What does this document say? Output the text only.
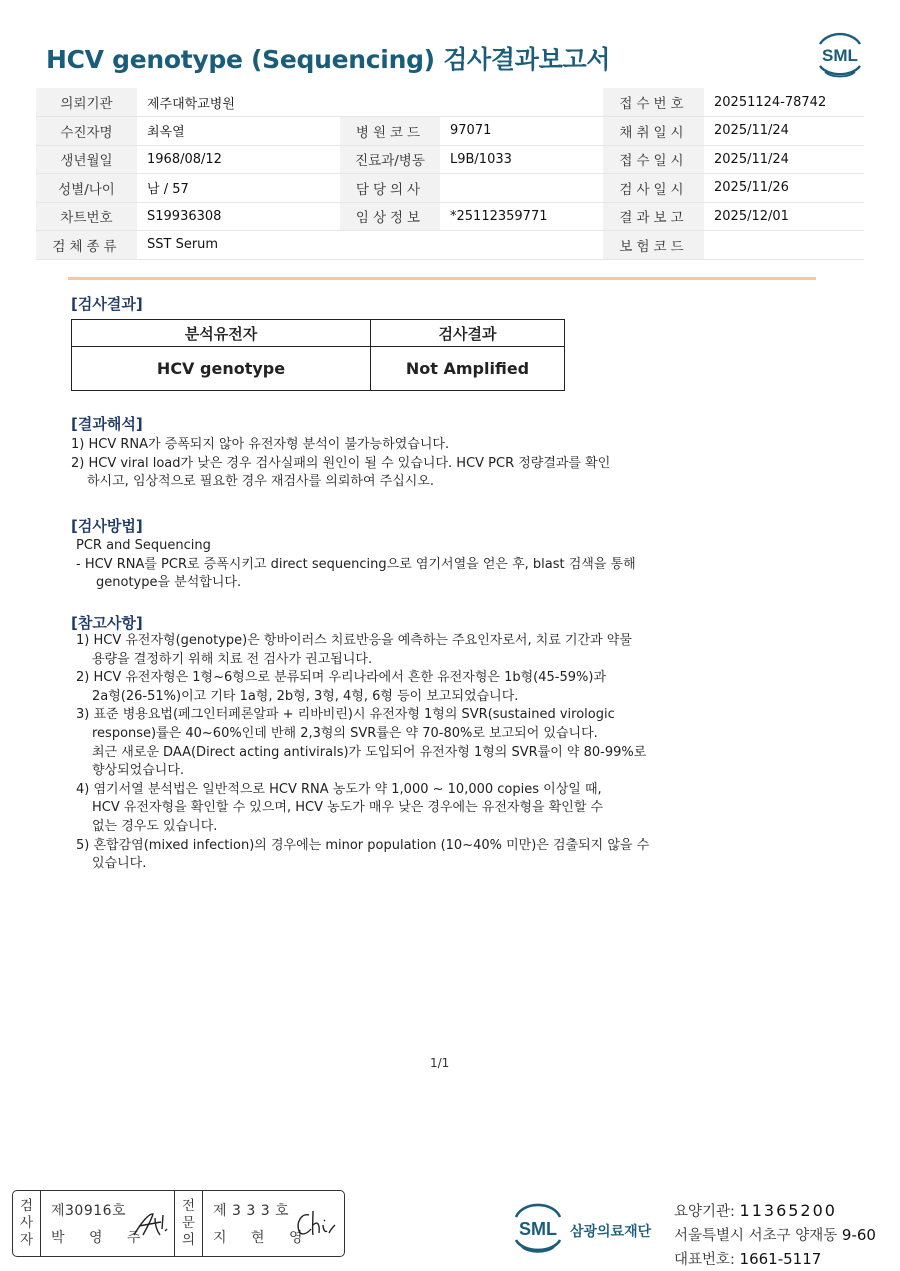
HCV genotype (Sequencing) 검사결과보고서	SML
의뢰기관	제주대학교병원			접수번호	20251124-78742
수진자명	최옥열	병원코드	97071	채취일시	2025/11/24
생년월일	1968/08/12	진료과/병동	L9B/1033	접수일시	2025/11/24
성별/나이	남 / 57	담당의사		검사일시	2025/11/26
차트번호	S19936308	임상정보	*25112359771	결과보고	2025/12/01
검체종류	SST Serum			보험코드	
[검사결과]
분석유전자	검사결과
HCV genotype	Not Amplified
[결과해석]
1) HCV RNA가 증폭되지 않아 유전자형 분석이 불가능하였습니다.
2) HCV viral load가 낮은 경우 검사실패의 원인이 될 수 있습니다. HCV PCR 정량결과를 확인
하시고, 임상적으로 필요한 경우 재검사를 의뢰하여 주십시오.
[검사방법]
PCR and Sequencing
- HCV RNA를 PCR로 증폭시키고 direct sequencing으로 염기서열을 얻은 후, blast 검색을 통해
genotype을 분석합니다.
[참고사항]
1) HCV 유전자형(genotype)은 항바이러스 치료반응을 예측하는 주요인자로서, 치료 기간과 약물
용량을 결정하기 위해 치료 전 검사가 권고됩니다.
2) HCV 유전자형은 1형~6형으로 분류되며 우리나라에서 흔한 유전자형은 1b형(45-59%)과
2a형(26-51%)이고 기타 1a형, 2b형, 3형, 4형, 6형 등이 보고되었습니다.
3) 표준 병용요법(페그인터페론알파 + 리바비린)시 유전자형 1형의 SVR(sustained virologic
response)률은 40~60%인데 반해 2,3형의 SVR률은 약 70-80%로 보고되어 있습니다.
최근 새로운 DAA(Direct acting antivirals)가 도입되어 유전자형 1형의 SVR률이 약 80-99%로
향상되었습니다.
4) 염기서열 분석법은 일반적으로 HCV RNA 농도가 약 1,000 ~ 10,000 copies 이상일 때,
HCV 유전자형을 확인할 수 있으며, HCV 농도가 매우 낮은 경우에는 유전자형을 확인할 수
없는 경우도 있습니다.
5) 혼합감염(mixed infection)의 경우에는 minor population (10~40% 미만)은 검출되지 않을 수
있습니다.
1/1
검
사
자
제30916호
박 영 주
전
문
의
제 3 3 3 호
지 현 영	SML 삼광의료재단
요양기관: 11365200
서울특별시 서초구 양재동 9-60
대표번호: 1661-5117
